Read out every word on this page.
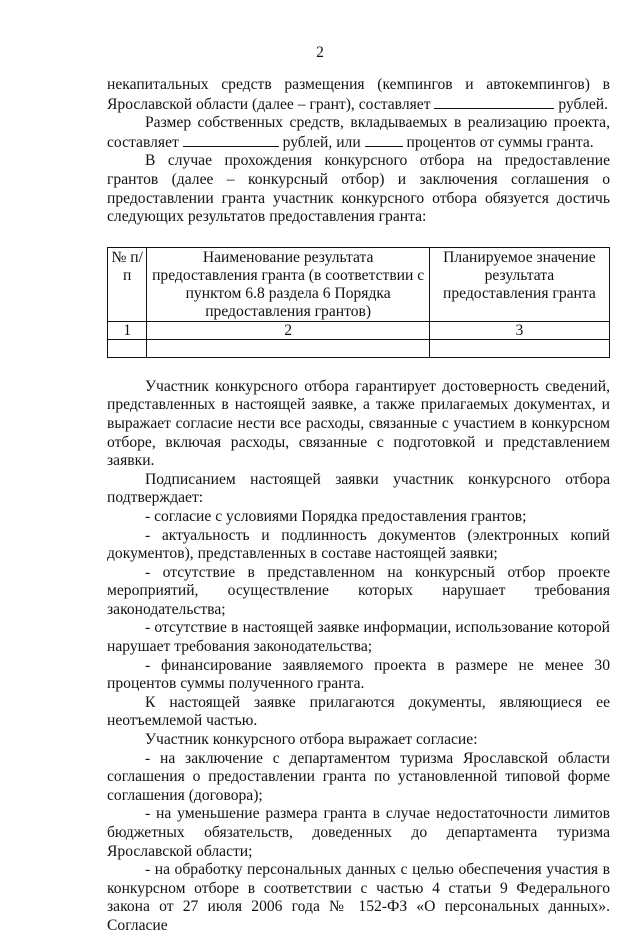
2

некапитальных средств размещения (кемпингов и автокемпингов) в Ярославской области (далее – грант), составляет	рублей.

Размер собственных средств, вкладываемых в реализацию проекта, составляет	рублей, или	процентов от суммы гранта.

В случае прохождения конкурсного отбора на предоставление грантов (далее – конкурсный отбор) и заключения соглашения о предоставлении гранта участник конкурсного отбора обязуется достичь следующих результатов предоставления гранта:

№ п/п	Наименование результата предоставления гранта (в соответствии с пунктом 6.8 раздела 6 Порядка предоставления грантов)	Планируемое значение результата предоставления гранта
1	2	3

Участник конкурсного отбора гарантирует достоверность сведений, представленных в настоящей заявке, а также прилагаемых документах, и выражает согласие нести все расходы, связанные с участием в конкурсном отборе, включая расходы, связанные с подготовкой и представлением заявки.

Подписанием настоящей заявки участник конкурсного отбора подтверждает:

- согласие с условиями Порядка предоставления грантов;

- актуальность и подлинность документов (электронных копий документов), представленных в составе настоящей заявки;

- отсутствие в представленном на конкурсный отбор проекте мероприятий, осуществление которых нарушает требования законодательства;

- отсутствие в настоящей заявке информации, использование которой нарушает требования законодательства;

- финансирование заявляемого проекта в размере не менее 30 процентов суммы полученного гранта.

К настоящей заявке прилагаются документы, являющиеся ее неотъемлемой частью.

Участник конкурсного отбора выражает согласие:

- на заключение с департаментом туризма Ярославской области соглашения о предоставлении гранта по установленной типовой форме соглашения (договора);

- на уменьшение размера гранта в случае недостаточности лимитов бюджетных обязательств, доведенных до департамента туризма Ярославской области;

- на обработку персональных данных с целью обеспечения участия в конкурсном отборе в соответствии с частью 4 статьи 9 Федерального закона от 27 июля 2006 года № 152-ФЗ «О персональных данных». Согласие
